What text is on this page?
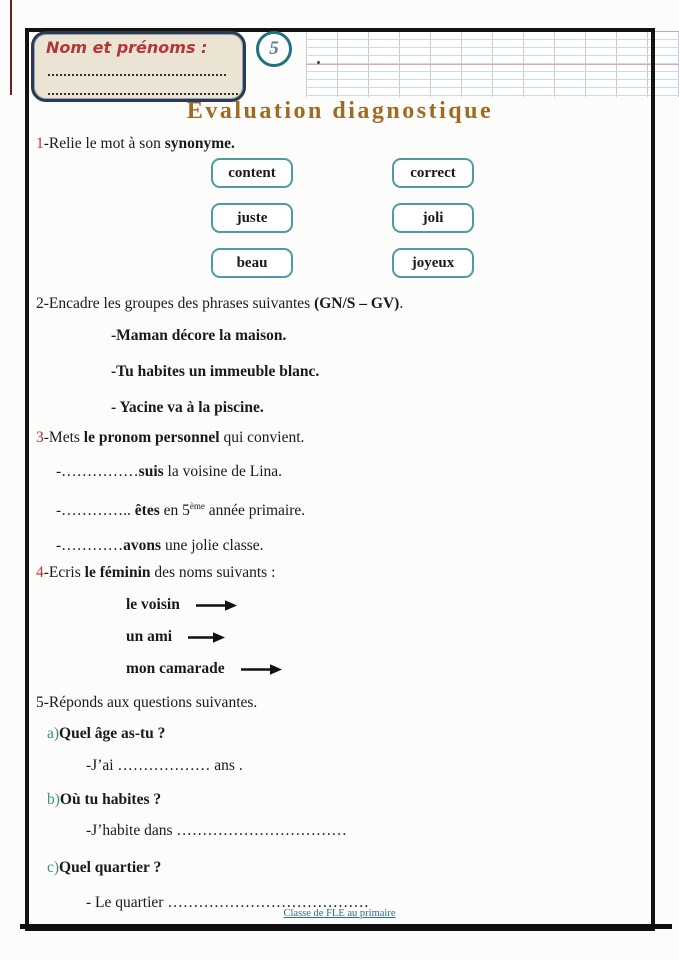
Nom et prénoms :	5
Evaluation diagnostique
1-Relie le mot à son synonyme.
content
juste
beau
correct
joli
joyeux
2-Encadre les groupes des phrases suivantes (GN/S – GV).
-Maman décore la maison.
-Tu habites un immeuble blanc.
- Yacine va à la piscine.
3-Mets le pronom personnel qui convient.
-……………suis la voisine de Lina.
-………….. êtes en 5ème année primaire.
-…………avons une jolie classe.
4-Ecris le féminin des noms suivants :
le voisin
un ami
mon camarade
5-Réponds aux questions suivantes.
a)Quel âge as-tu ?
-J’ai ……………… ans .
b)Où tu habites ?
-J’habite dans ……………………………
c)Quel quartier ?
- Le quartier …………………………………
Classe de FLE au primaire
